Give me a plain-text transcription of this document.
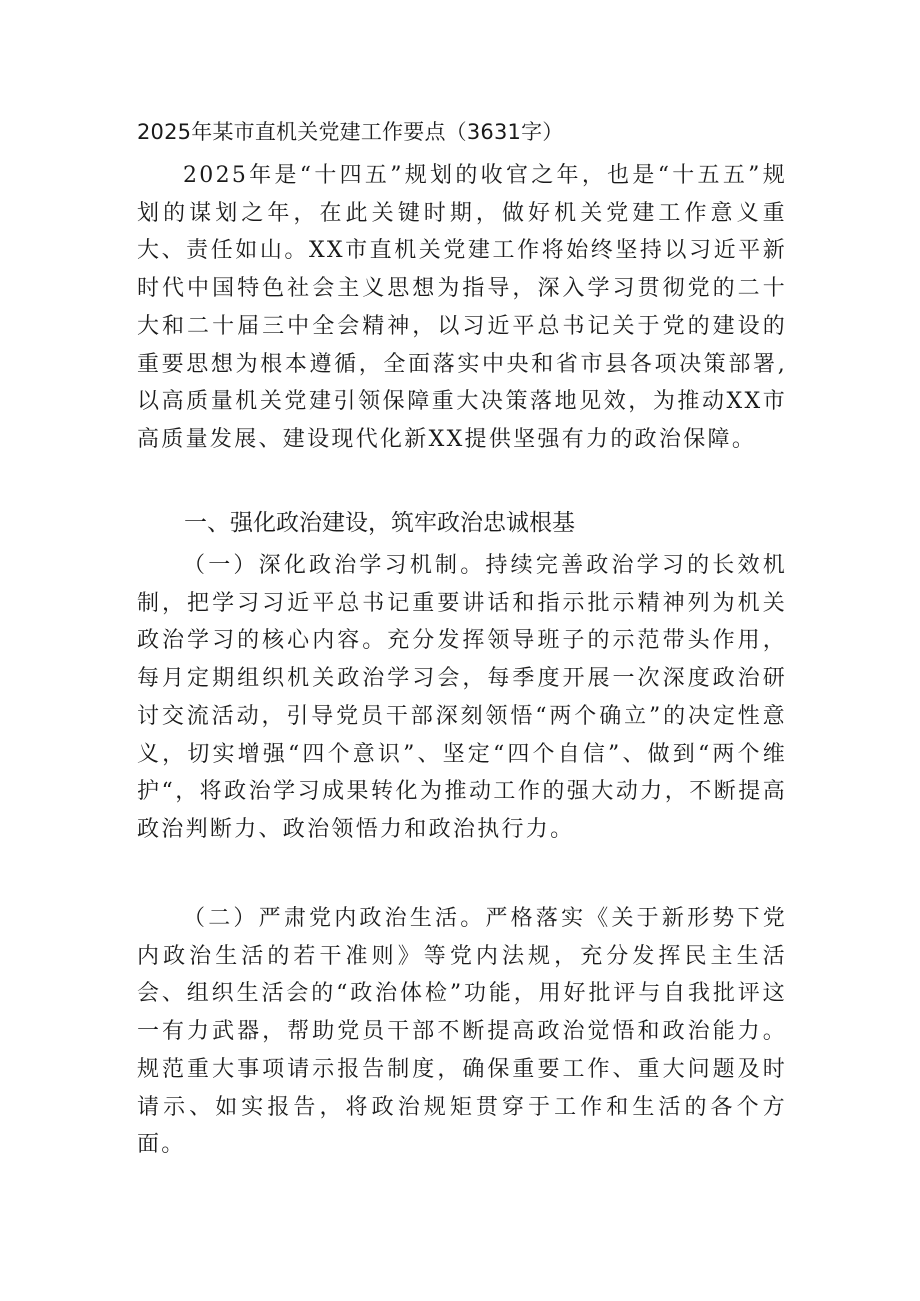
2025年某市直机关党建工作要点（3631字）

2025年是“十四五”规划的收官之年，也是“十五五”规划的谋划之年，在此关键时期，做好机关党建工作意义重大、责任如山。XX市直机关党建工作将始终坚持以习近平新时代中国特色社会主义思想为指导，深入学习贯彻党的二十大和二十届三中全会精神，以习近平总书记关于党的建设的重要思想为根本遵循，全面落实中央和省市县各项决策部署,以高质量机关党建引领保障重大决策落地见效，为推动XX市高质量发展、建设现代化新XX提供坚强有力的政治保障。

一、强化政治建设，筑牢政治忠诚根基

（一）深化政治学习机制。持续完善政治学习的长效机制，把学习习近平总书记重要讲话和指示批示精神列为机关政治学习的核心内容。充分发挥领导班子的示范带头作用，每月定期组织机关政治学习会，每季度开展一次深度政治研讨交流活动，引导党员干部深刻领悟“两个确立”的决定性意义，切实增强“四个意识”、坚定“四个自信”、做到“两个维护“，将政治学习成果转化为推动工作的强大动力，不断提高政治判断力、政治领悟力和政治执行力。

（二）严肃党内政治生活。严格落实《关于新形势下党内政治生活的若干准则》等党内法规，充分发挥民主生活会、组织生活会的“政治体检”功能，用好批评与自我批评这一有力武器，帮助党员干部不断提高政治觉悟和政治能力。规范重大事项请示报告制度，确保重要工作、重大问题及时请示、如实报告，将政治规矩贯穿于工作和生活的各个方面。
